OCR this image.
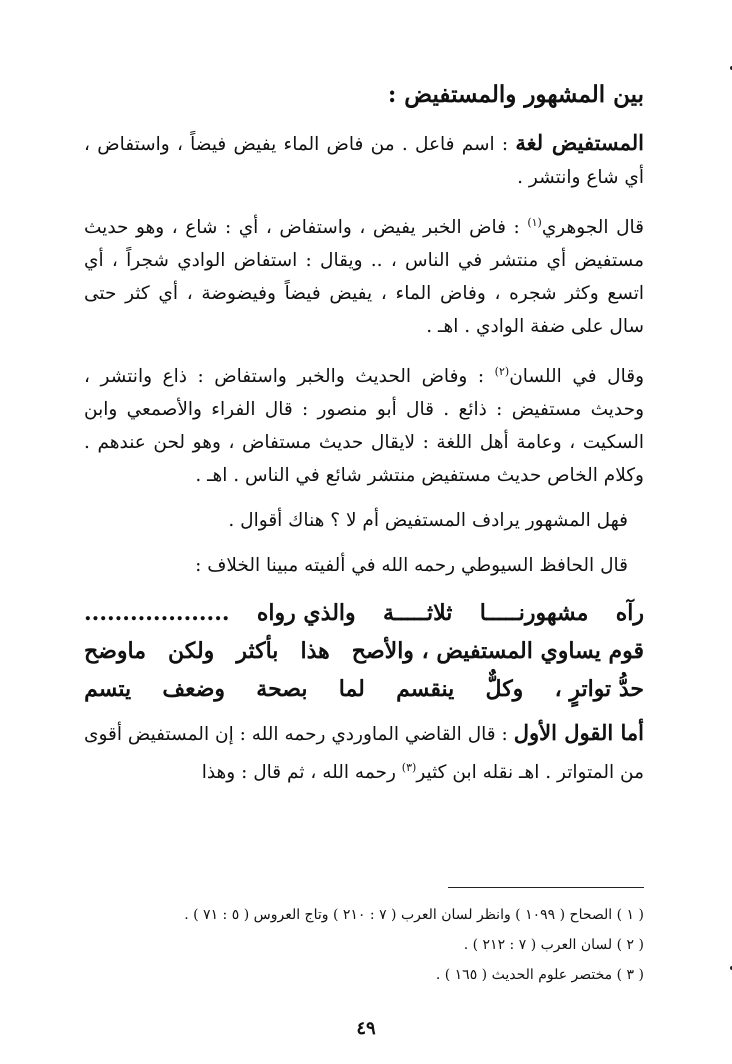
بين المشهور والمستفيض :

المستفيض لغة : اسم فاعل . من فاض الماء يفيض فيضاً ، واستفاض ، أي شاع وانتشر .

قال الجوهري$^{(١)}$ : فاض الخبر يفيض ، واستفاض ، أي : شاع ، وهو حديث مستفيض أي منتشر في الناس ، .. ويقال : استفاض الوادي شجراً ، أي اتسع وكثر شجره ، وفاض الماء ، يفيض فيضاً وفيضوضة ، أي كثر حتى سال على ضفة الوادي . اهـ .

وقال في اللسان$^{(٢)}$ : وفاض الحديث والخبر واستفاض : ذاع وانتشر ، وحديث مستفيض : ذائع . قال أبو منصور : قال الفراء والأصمعي وابن السكيت ، وعامة أهل اللغة : لايقال حديث مستفاض ، وهو لحن عندهم . وكلام الخاص حديث مستفيض منتشر شائع في الناس . اهـ .

فهل المشهور يرادف المستفيض أم لا ؟ هناك أقوال .

قال الحافظ السيوطي رحمه الله في ألفيته مبينا الخلاف :

رآه
مشهورنـــــا
ثلاثـــــة
والذي رواه
...................
قوم يساوي المستفيض ، والأصح
هذا
بأكثر
ولكن
ماوضح
حدُّ تواترٍ ،
وكلٌّ
ينقسم
لما
بصحة
وضعف
يتسم

أما القول الأول : قال القاضي الماوردي رحمه الله : إن المستفيض أقوى من المتواتر . اهـ نقله ابن كثير$^{(٣)}$ رحمه الله ، ثم قال : وهذا

( ١ ) الصحاح ( ١٠٩٩ ) وانظر لسان العرب ( ٧ : ٢١٠ ) وتاج العروس ( ٥ : ٧١ ) .
( ٢ ) لسان العرب ( ٧ : ٢١٢ ) .
( ٣ ) مختصر علوم الحديث ( ١٦٥ ) .
٤٩
